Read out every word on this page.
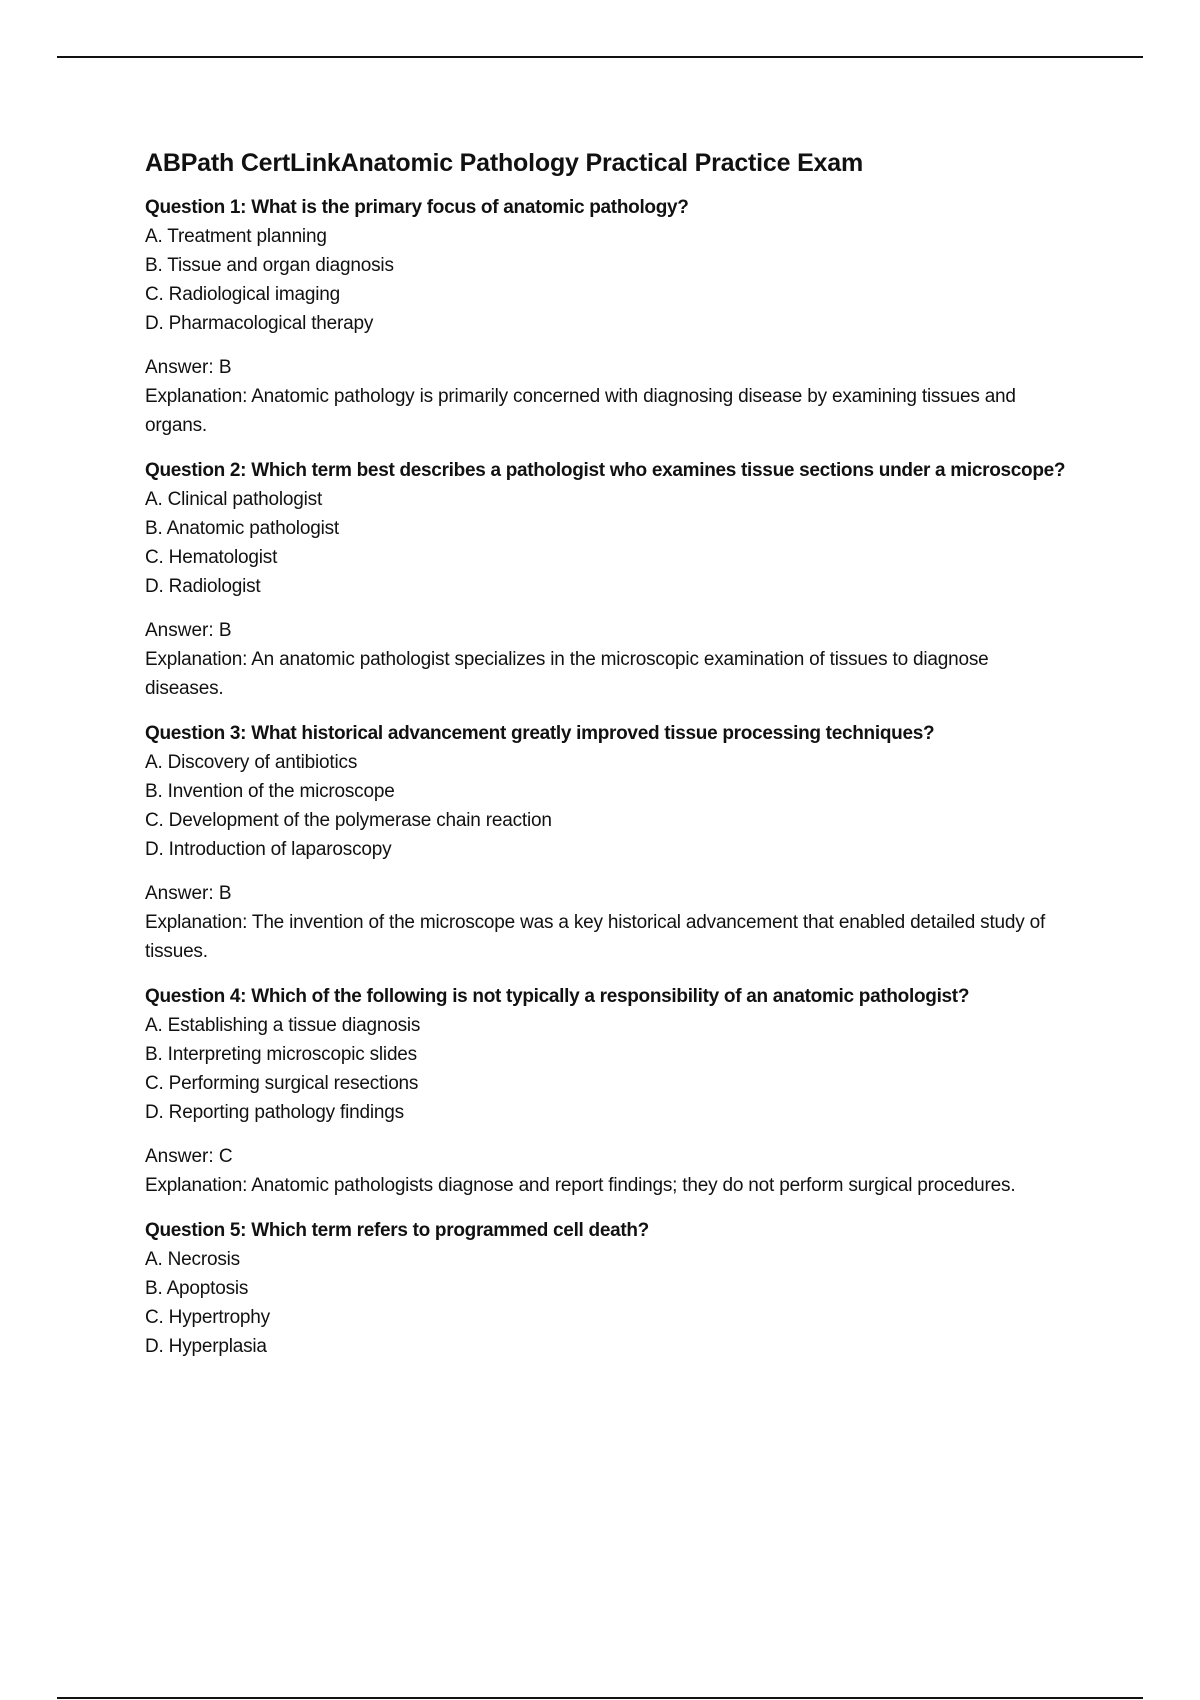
ABPath CertLinkAnatomic Pathology Practical Practice Exam

Question 1: What is the primary focus of anatomic pathology?

A. Treatment planning

B. Tissue and organ diagnosis

C. Radiological imaging

D. Pharmacological therapy

Answer: B

Explanation: Anatomic pathology is primarily concerned with diagnosing disease by examining tissues and organs.

Question 2: Which term best describes a pathologist who examines tissue sections under a microscope?

A. Clinical pathologist

B. Anatomic pathologist

C. Hematologist

D. Radiologist

Answer: B

Explanation: An anatomic pathologist specializes in the microscopic examination of tissues to diagnose diseases.

Question 3: What historical advancement greatly improved tissue processing techniques?

A. Discovery of antibiotics

B. Invention of the microscope

C. Development of the polymerase chain reaction

D. Introduction of laparoscopy

Answer: B

Explanation: The invention of the microscope was a key historical advancement that enabled detailed study of tissues.

Question 4: Which of the following is not typically a responsibility of an anatomic pathologist?

A. Establishing a tissue diagnosis

B. Interpreting microscopic slides

C. Performing surgical resections

D. Reporting pathology findings

Answer: C

Explanation: Anatomic pathologists diagnose and report findings; they do not perform surgical procedures.

Question 5: Which term refers to programmed cell death?

A. Necrosis

B. Apoptosis

C. Hypertrophy

D. Hyperplasia
